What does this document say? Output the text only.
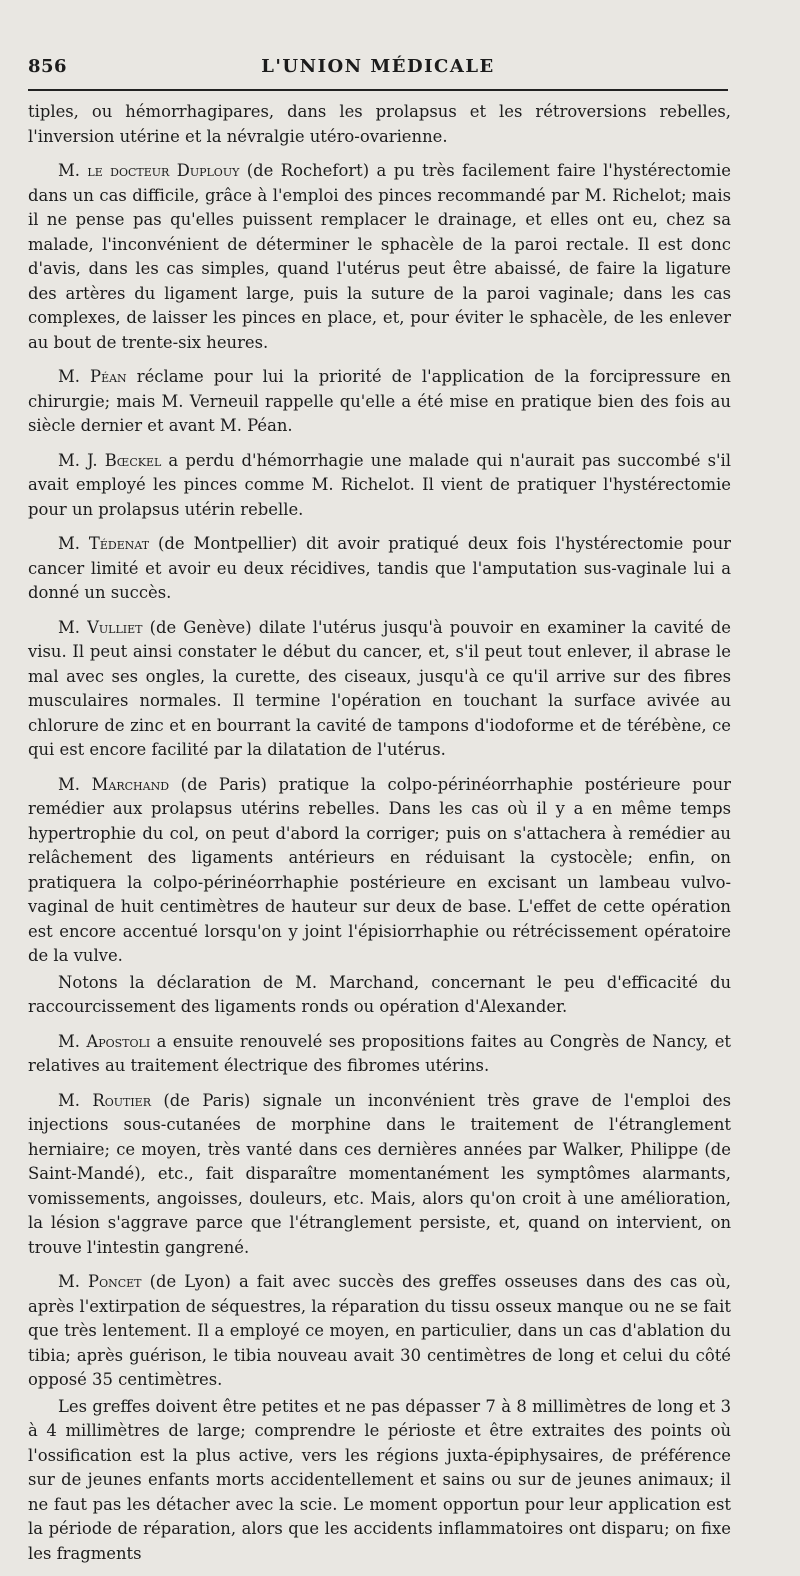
856	L'UNION MÉDICALE

tiples, ou hémorrhagipares, dans les prolapsus et les rétroversions rebelles, l'inversion utérine et la névralgie utéro-ovarienne.

M. le docteur Duplouy (de Rochefort) a pu très facilement faire l'hystérectomie dans un cas difficile, grâce à l'emploi des pinces recommandé par M. Richelot; mais il ne pense pas qu'elles puissent remplacer le drainage, et elles ont eu, chez sa malade, l'inconvénient de déterminer le sphacèle de la paroi rectale. Il est donc d'avis, dans les cas simples, quand l'utérus peut être abaissé, de faire la ligature des artères du ligament large, puis la suture de la paroi vaginale; dans les cas complexes, de laisser les pinces en place, et, pour éviter le sphacèle, de les enlever au bout de trente-six heures.

M. Péan réclame pour lui la priorité de l'application de la forcipressure en chirurgie; mais M. Verneuil rappelle qu'elle a été mise en pratique bien des fois au siècle dernier et avant M. Péan.

M. J. Bœckel a perdu d'hémorrhagie une malade qui n'aurait pas succombé s'il avait employé les pinces comme M. Richelot. Il vient de pratiquer l'hystérectomie pour un prolapsus utérin rebelle.

M. Tédenat (de Montpellier) dit avoir pratiqué deux fois l'hystérectomie pour cancer limité et avoir eu deux récidives, tandis que l'amputation sus-vaginale lui a donné un succès.

M. Vulliet (de Genève) dilate l'utérus jusqu'à pouvoir en examiner la cavité de visu. Il peut ainsi constater le début du cancer, et, s'il peut tout enlever, il abrase le mal avec ses ongles, la curette, des ciseaux, jusqu'à ce qu'il arrive sur des fibres musculaires normales. Il termine l'opération en touchant la surface avivée au chlorure de zinc et en bourrant la cavité de tampons d'iodoforme et de térébène, ce qui est encore facilité par la dilatation de l'utérus.

M. Marchand (de Paris) pratique la colpo-périnéorrhaphie postérieure pour remédier aux prolapsus utérins rebelles. Dans les cas où il y a en même temps hypertrophie du col, on peut d'abord la corriger; puis on s'attachera à remédier au relâchement des ligaments antérieurs en réduisant la cystocèle; enfin, on pratiquera la colpo-périnéorrhaphie postérieure en excisant un lambeau vulvo-vaginal de huit centimètres de hauteur sur deux de base. L'effet de cette opération est encore accentué lorsqu'on y joint l'épisiorrhaphie ou rétrécissement opératoire de la vulve.

Notons la déclaration de M. Marchand, concernant le peu d'efficacité du raccourcissement des ligaments ronds ou opération d'Alexander.

M. Apostoli a ensuite renouvelé ses propositions faites au Congrès de Nancy, et relatives au traitement électrique des fibromes utérins.

M. Routier (de Paris) signale un inconvénient très grave de l'emploi des injections sous-cutanées de morphine dans le traitement de l'étranglement herniaire; ce moyen, très vanté dans ces dernières années par Walker, Philippe (de Saint-Mandé), etc., fait disparaître momentanément les symptômes alarmants, vomissements, angoisses, douleurs, etc. Mais, alors qu'on croit à une amélioration, la lésion s'aggrave parce que l'étranglement persiste, et, quand on intervient, on trouve l'intestin gangrené.

M. Poncet (de Lyon) a fait avec succès des greffes osseuses dans des cas où, après l'extirpation de séquestres, la réparation du tissu osseux manque ou ne se fait que très lentement. Il a employé ce moyen, en particulier, dans un cas d'ablation du tibia; après guérison, le tibia nouveau avait 30 centimètres de long et celui du côté opposé 35 centimètres.

Les greffes doivent être petites et ne pas dépasser 7 à 8 millimètres de long et 3 à 4 millimètres de large; comprendre le périoste et être extraites des points où l'ossification est la plus active, vers les régions juxta-épiphysaires, de préférence sur de jeunes enfants morts accidentellement et sains ou sur de jeunes animaux; il ne faut pas les détacher avec la scie. Le moment opportun pour leur application est la période de réparation, alors que les accidents inflammatoires ont disparu; on fixe les fragments
